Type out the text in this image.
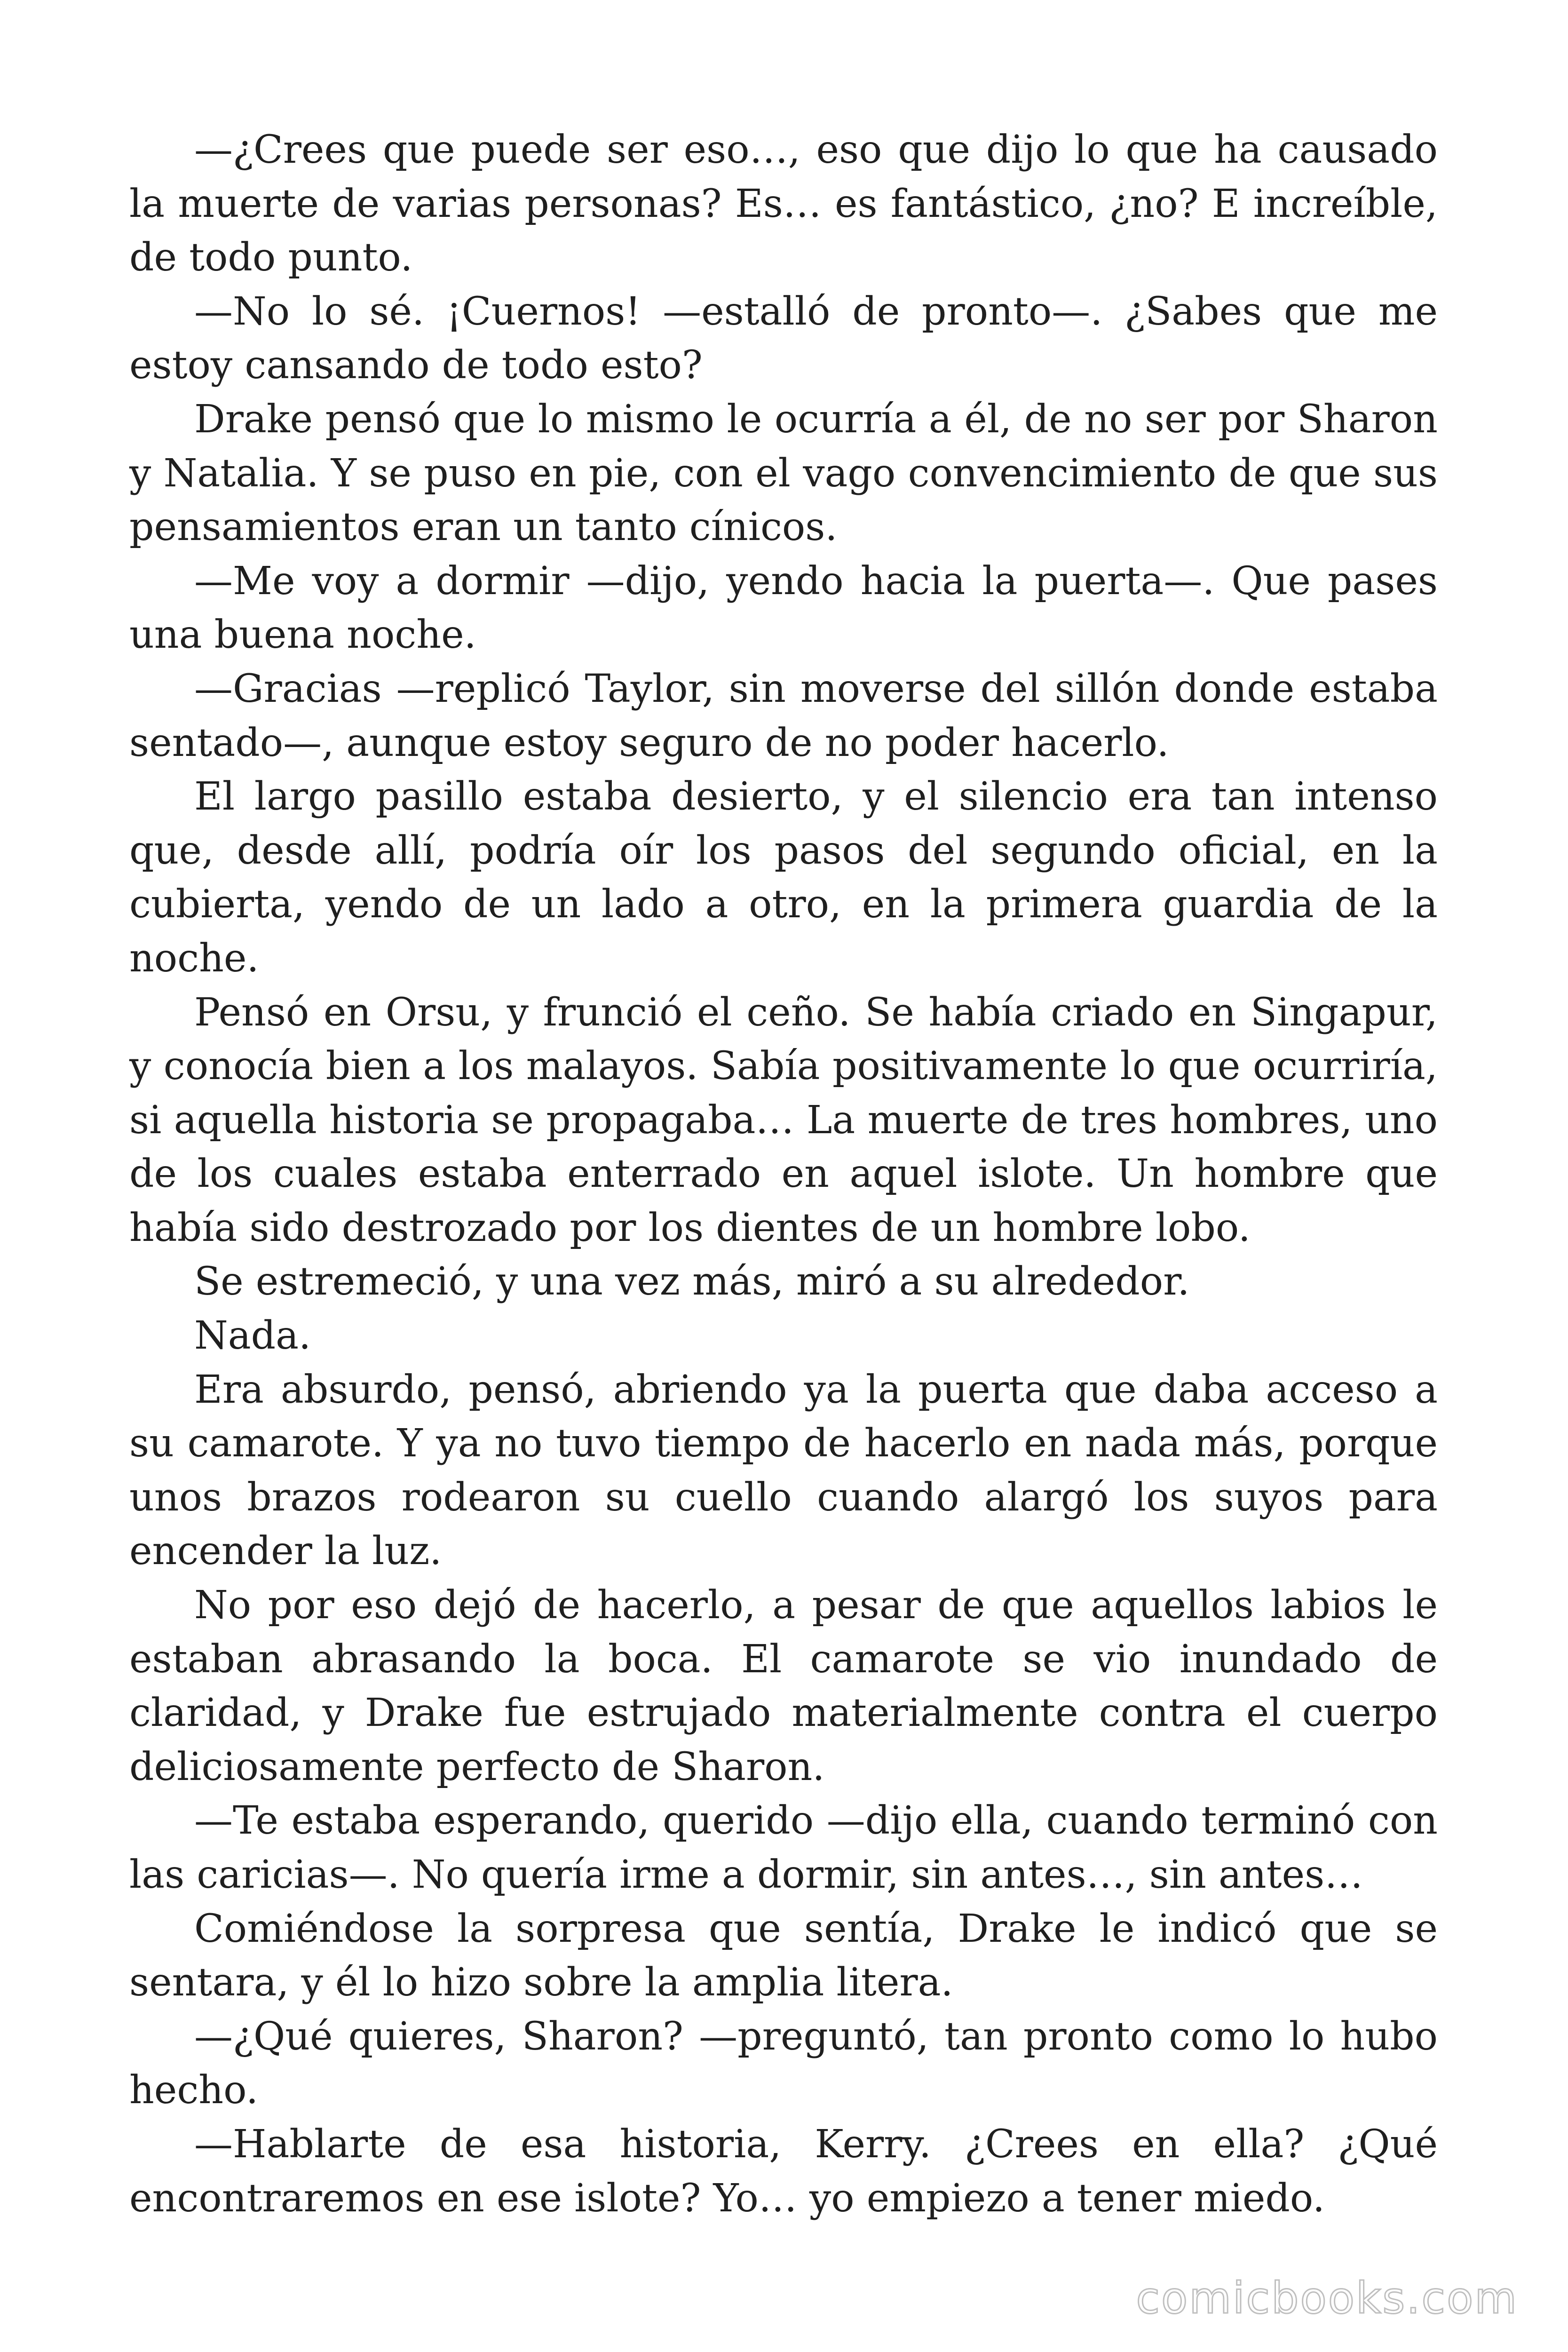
—¿Crees que puede ser eso…, eso que dijo lo que ha causado la muerte de varias personas? Es… es fantástico, ¿no? E increíble, de todo punto.

—No lo sé. ¡Cuernos! —estalló de pronto—. ¿Sabes que me estoy cansando de todo esto?

Drake pensó que lo mismo le ocurría a él, de no ser por Sharon y Natalia. Y se puso en pie, con el vago convencimiento de que sus pensamientos eran un tanto cínicos.

—Me voy a dormir —dijo, yendo hacia la puerta—. Que pases una buena noche.

—Gracias —replicó Taylor, sin moverse del sillón donde estaba sentado—, aunque estoy seguro de no poder hacerlo.

El largo pasillo estaba desierto, y el silencio era tan intenso que, desde allí, podría oír los pasos del segundo oficial, en la cubierta, yendo de un lado a otro, en la primera guardia de la noche.

Pensó en Orsu, y frunció el ceño. Se había criado en Singapur, y conocía bien a los malayos. Sabía positivamente lo que ocurriría, si aquella historia se propagaba… La muerte de tres hombres, uno de los cuales estaba enterrado en aquel islote. Un hombre que había sido destrozado por los dientes de un hombre lobo.

Se estremeció, y una vez más, miró a su alrededor.

Nada.

Era absurdo, pensó, abriendo ya la puerta que daba acceso a su camarote. Y ya no tuvo tiempo de hacerlo en nada más, porque unos brazos rodearon su cuello cuando alargó los suyos para encender la luz.

No por eso dejó de hacerlo, a pesar de que aquellos labios le estaban abrasando la boca. El camarote se vio inundado de claridad, y Drake fue estrujado materialmente contra el cuerpo deliciosamente perfecto de Sharon.

—Te estaba esperando, querido —dijo ella, cuando terminó con las caricias—. No quería irme a dormir, sin antes…, sin antes…

Comiéndose la sorpresa que sentía, Drake le indicó que se sentara, y él lo hizo sobre la amplia litera.

—¿Qué quieres, Sharon? —preguntó, tan pronto como lo hubo hecho.

—Hablarte de esa historia, Kerry. ¿Crees en ella? ¿Qué encontraremos en ese islote? Yo… yo empiezo a tener miedo.

comicbooks.com
